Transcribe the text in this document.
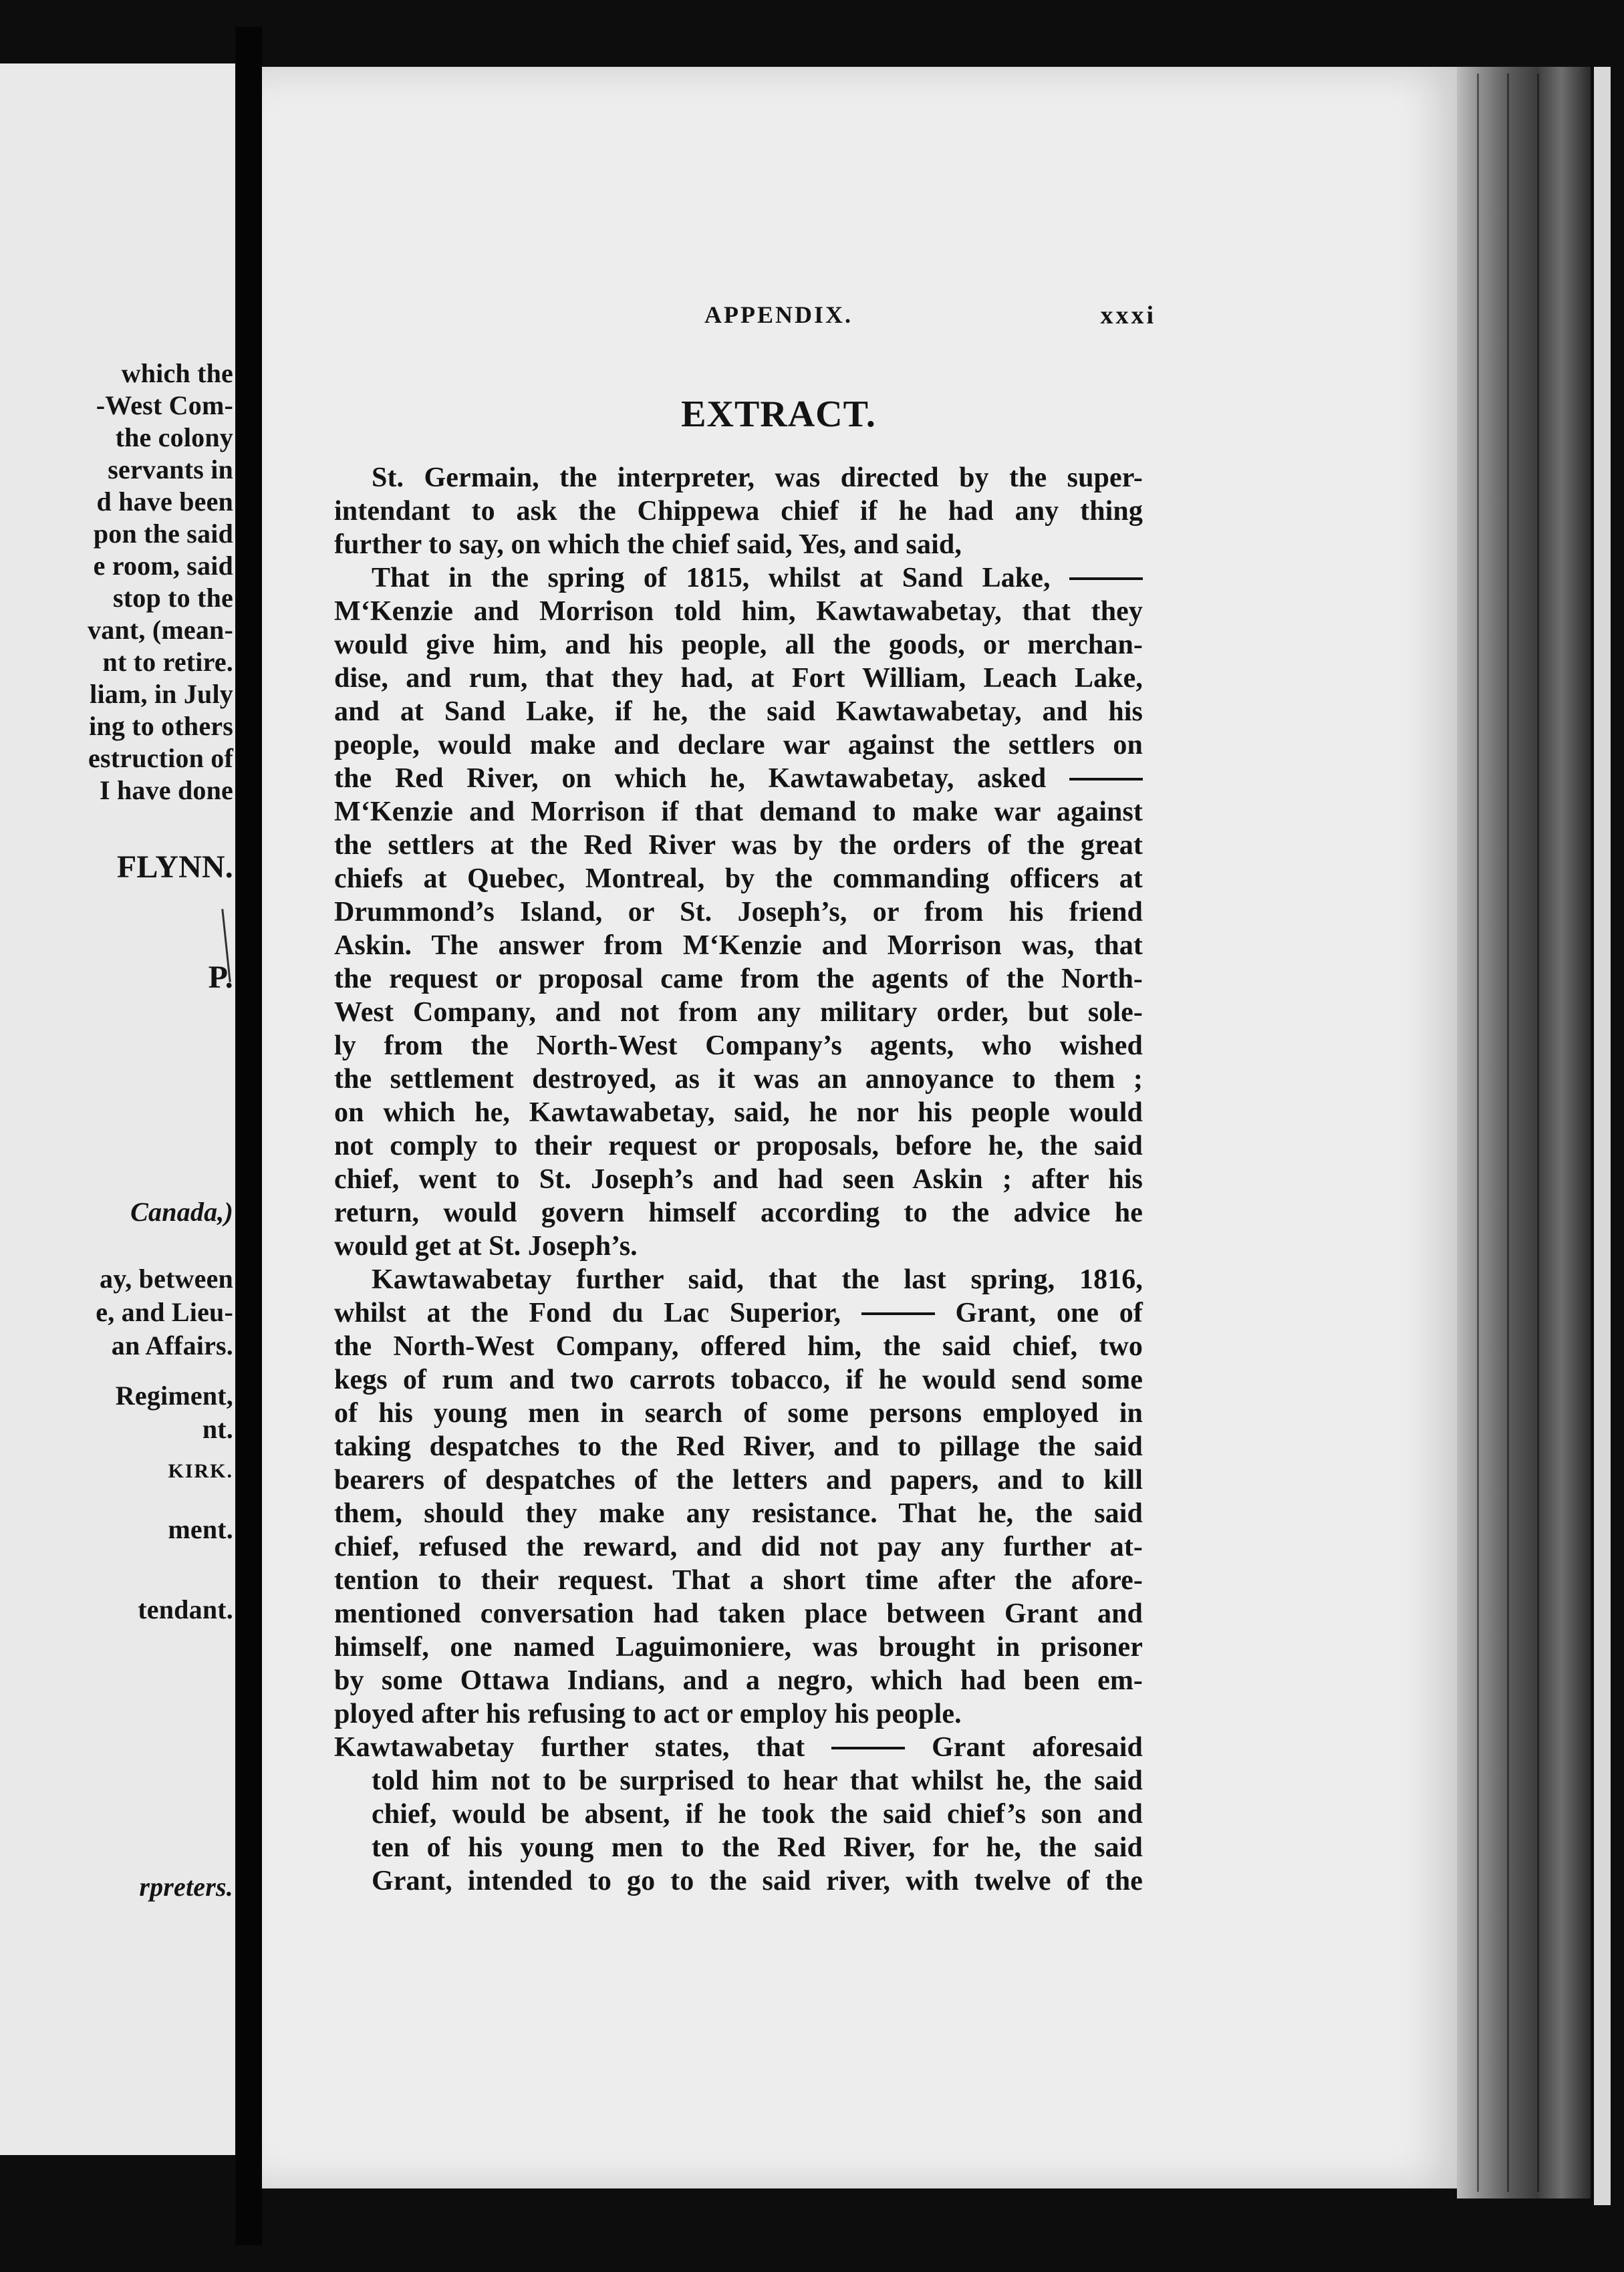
which the
-West Com-
the colony
servants in
d have been
pon the said
e room, said
stop to the
vant, (mean-
nt to retire.
liam, in July
ing to others
estruction of
I have done
FLYNN.
P.
Canada,)
ay, between
e, and Lieu-
an Affairs.
Regiment,
nt.
KIRK.
ment.
tendant.
rpreters.
APPENDIX.	xxxi
EXTRACT.
St. Germain, the interpreter, was directed by the super-
intendant to ask the Chippewa chief if he had any thing
further to say, on which the chief said, Yes, and said,
That in the spring of 1815, whilst at Sand Lake,
M‘Kenzie and Morrison told him, Kawtawabetay, that they
would give him, and his people, all the goods, or merchan-
dise, and rum, that they had, at Fort William, Leach Lake,
and at Sand Lake, if he, the said Kawtawabetay, and his
people, would make and declare war against the settlers on
the Red River, on which he, Kawtawabetay, asked
M‘Kenzie and Morrison if that demand to make war against
the settlers at the Red River was by the orders of the great
chiefs at Quebec, Montreal, by the commanding officers at
Drummond’s Island, or St. Joseph’s, or from his friend
Askin. The answer from M‘Kenzie and Morrison was, that
the request or proposal came from the agents of the North-
West Company, and not from any military order, but sole-
ly from the North-West Company’s agents, who wished
the settlement destroyed, as it was an annoyance to them ;
on which he, Kawtawabetay, said, he nor his people would
not comply to their request or proposals, before he, the said
chief, went to St. Joseph’s and had seen Askin ; after his
return, would govern himself according to the advice he
would get at St. Joseph’s.
Kawtawabetay further said, that the last spring, 1816,
whilst at the Fond du Lac Superior,	Grant, one of
the North-West Company, offered him, the said chief, two
kegs of rum and two carrots tobacco, if he would send some
of his young men in search of some persons employed in
taking despatches to the Red River, and to pillage the said
bearers of despatches of the letters and papers, and to kill
them, should they make any resistance. That he, the said
chief, refused the reward, and did not pay any further at-
tention to their request. That a short time after the afore-
mentioned conversation had taken place between Grant and
himself, one named Laguimoniere, was brought in prisoner
by some Ottawa Indians, and a negro, which had been em-
ployed after his refusing to act or employ his people.
Kawtawabetay further states, that	Grant aforesaid
told him not to be surprised to hear that whilst he, the said
chief, would be absent, if he took the said chief’s son and
ten of his young men to the Red River, for he, the said
Grant, intended to go to the said river, with twelve of the
